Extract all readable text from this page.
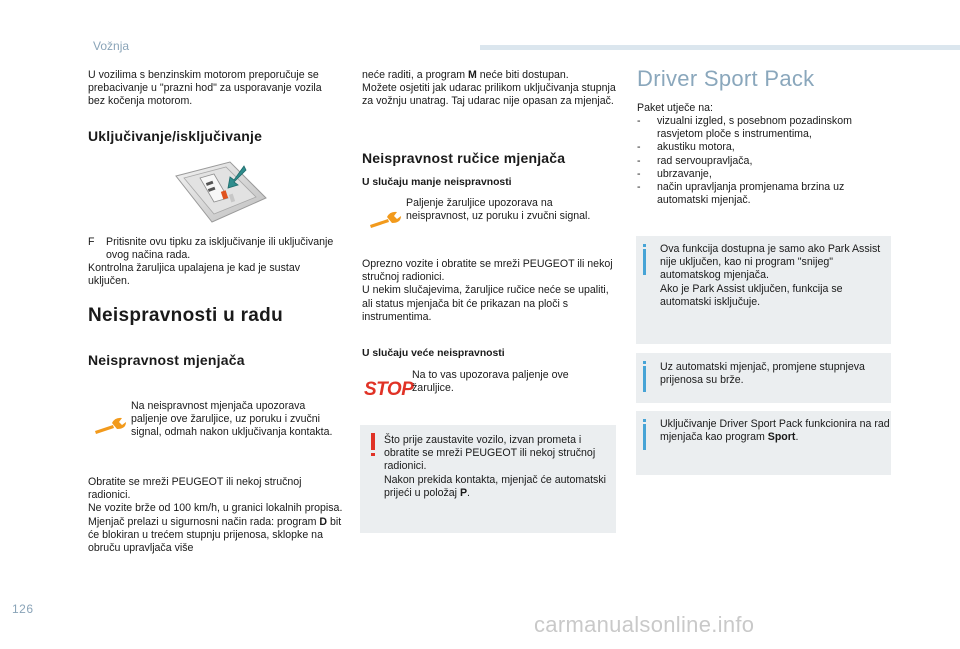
Vožnja
U vozilima s benzinskim motorom preporučuje se prebacivanje u "prazni hod" za usporavanje vozila bez kočenja motorom.
Uključivanje/isključivanje
F Pritisnite ovu tipku za isključivanje ili uključivanje ovog načina rada.
Kontrolna žaruljica upalajena je kad je sustav uključen.
Neispravnosti u radu
Neispravnost mjenjača
Na neispravnost mjenjača upozorava paljenje ove žaruljice, uz poruku i zvučni signal, odmah nakon uključivanja kontakta.
Obratite se mreži PEUGEOT ili nekoj stručnoj radionici.
Ne vozite brže od 100 km/h, u granici lokalnih propisa.
Mjenjač prelazi u sigurnosni način rada: program D bit će blokiran u trećem stupnju prijenosa, sklopke na obruču upravljača više
neće raditi, a program M neće biti dostupan.
Možete osjetiti jak udarac prilikom uključivanja stupnja za vožnju unatrag. Taj udarac nije opasan za mjenjač.
Neispravnost ručice mjenjača
U slučaju manje neispravnosti
Paljenje žaruljice upozorava na neispravnost, uz poruku i zvučni signal.
Oprezno vozite i obratite se mreži PEUGEOT ili nekoj stručnoj radionici.
U nekim slučajevima, žaruljice ručice neće se upaliti, ali status mjenjača bit će prikazan na ploči s instrumentima.
U slučaju veće neispravnosti
STOP
Na to vas upozorava paljenje ove žaruljice.
Što prije zaustavite vozilo, izvan prometa i obratite se mreži PEUGEOT ili nekoj stručnoj radionici.
Nakon prekida kontakta, mjenjač će automatski prijeći u položaj P.
Driver Sport Pack
Paket utječe na:
- vizualni izgled, s posebnom pozadinskom rasvjetom ploče s instrumentima,
- akustiku motora,
- rad servoupravljača,
- ubrzavanje,
- način upravljanja promjenama brzina uz automatski mjenjač.
Ova funkcija dostupna je samo ako Park Assist nije uključen, kao ni program "snijeg" automatskog mjenjača.
Ako je Park Assist uključen, funkcija se automatski isključuje.
Uz automatski mjenjač, promjene stupnjeva prijenosa su brže.
Uključivanje Driver Sport Pack funkcionira na rad mjenjača kao program Sport.
126
carmanualsonline.info
